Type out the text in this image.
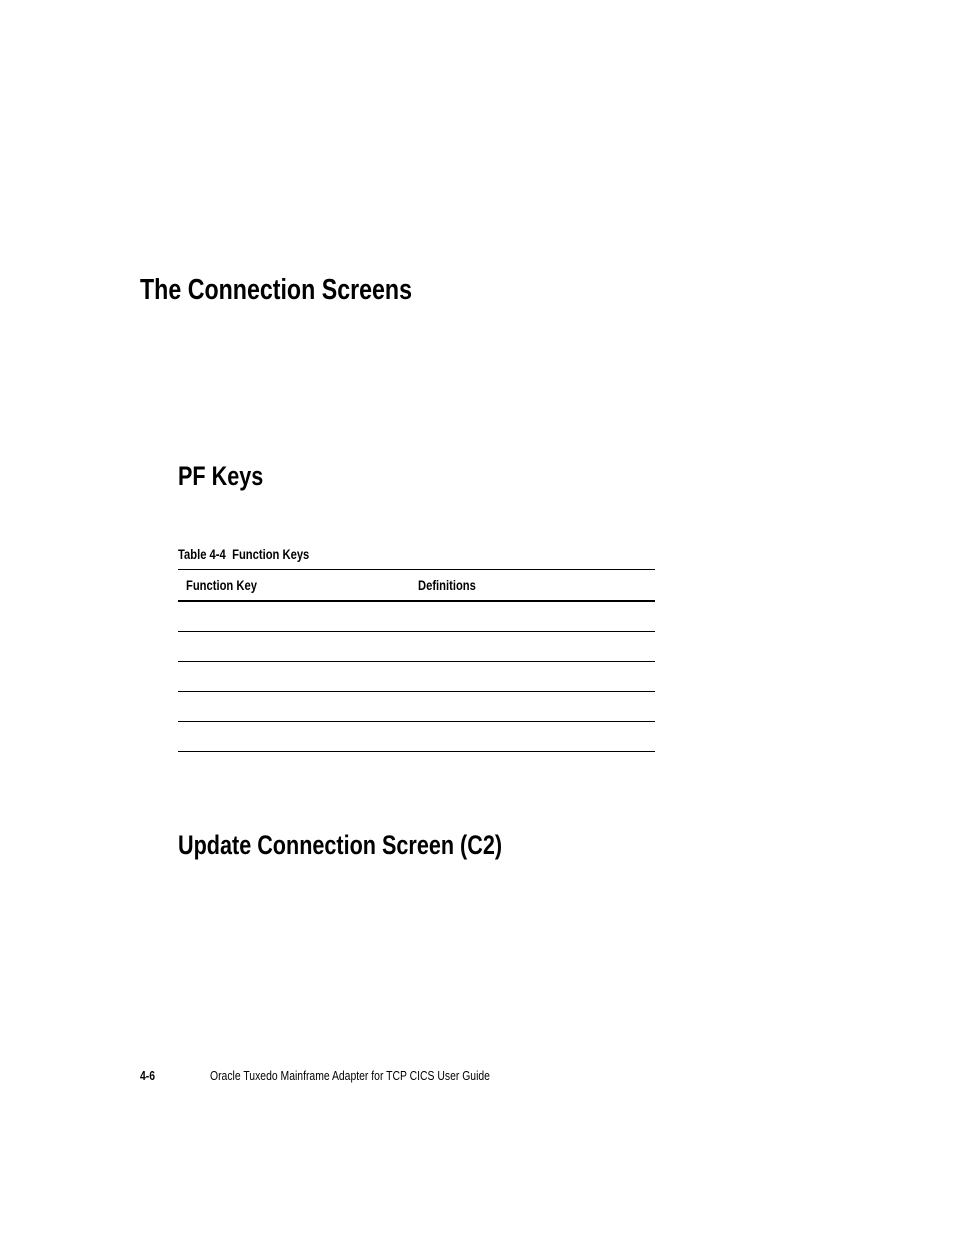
The Connection Screens
PF Keys
Table 4-4 Function Keys
Function Key	Definitions

Update Connection Screen (C2)
4-6	Oracle Tuxedo Mainframe Adapter for TCP CICS User Guide
